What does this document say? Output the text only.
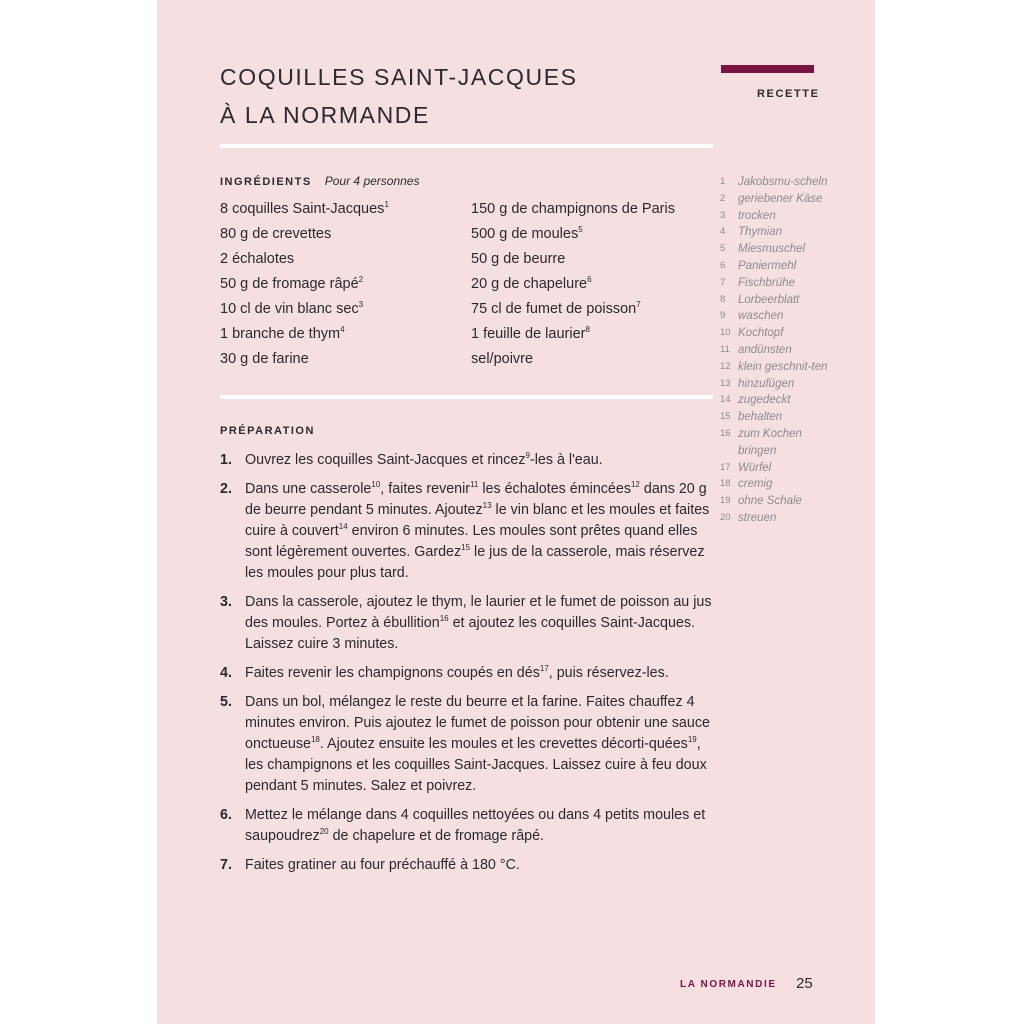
COQUILLES SAINT-JACQUES
À LA NORMANDE
RECETTE
INGRÉDIENTS Pour 4 personnes
8 coquilles Saint-Jacques$^1$
80 g de crevettes
2 échalotes
50 g de fromage râpé$^2$
10 cl de vin blanc $\sec^3$
1 branche de thym$^4$
30 g de farine
150 g de champignons de Paris
500 g de moules$^5$
50 g de beurre
20 g de chapelure$^6$
75 cl de fumet de poisson$^7$
1 feuille de laurier$^8$
sel/poivre
PRÉPARATION
1. Ouvrez les coquilles Saint-Jacques et rincez$^9$-les à l'eau.
2. Dans une casserole$^{10}$, faites revenir$^{11}$ les échalotes émincées$^{12}$ dans 20 g de beurre pendant 5 minutes. Ajoutez$^{13}$ le vin blanc et les moules et faites cuire à couvert$^{14}$ environ 6 minutes. Les moules sont prêtes quand elles sont légèrement ouvertes. Gardez$^{15}$ le jus de la casserole, mais réservez les moules pour plus tard.
3. Dans la casserole, ajoutez le thym, le laurier et le fumet de poisson au jus des moules. Portez à ébullition$^{16}$ et ajoutez les coquilles Saint-Jacques. Laissez cuire 3 minutes.
4. Faites revenir les champignons coupés en dés$^{17}$, puis réservez-les.
5. Dans un bol, mélangez le reste du beurre et la farine. Faites chauffez 4 minutes environ. Puis ajoutez le fumet de poisson pour obtenir une sauce onctueuse$^{18}$. Ajoutez ensuite les moules et les crevettes décorti-quées$^{19}$, les champignons et les coquilles Saint-Jacques. Laissez cuire à feu doux pendant 5 minutes. Salez et poivrez.
6. Mettez le mélange dans 4 coquilles nettoyées ou dans 4 petits moules et saupoudrez$^{20}$ de chapelure et de fromage râpé.
7. Faites gratiner au four préchauffé à 180 °C.
1 Jakobsmu-scheln
2 geriebener Käse
3 trocken
4 Thymian
5 Miesmuschel
6 Paniermehl
7 Fischbrühe
8 Lorbeerblatt
9 waschen
10 Kochtopf
11 andünsten
12 klein geschnit-ten
13 hinzufügen
14 zugedeckt
15 behalten
16 zum Kochen bringen
17 Würfel
18 cremig
19 ohne Schale
20 streuen
LA NORMANDIE 25
